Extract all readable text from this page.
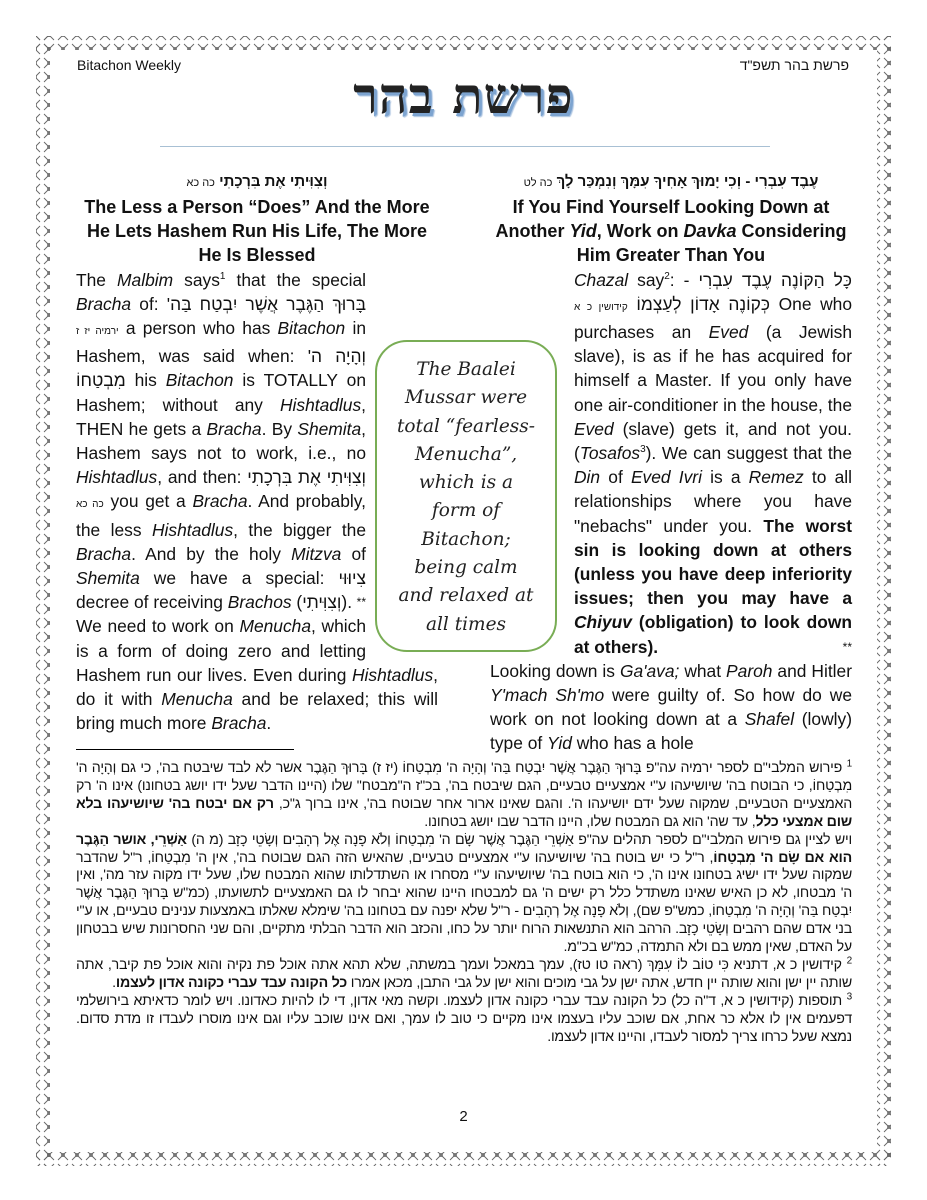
Bitachon Weekly	פרשת בהר תשפ"ד
פרשת בהר
עֶבֶד עִבְרִי - וְכִי יָמוּךְ אָחִיךָ עִמָּךְ וְנִמְכַּר לָךְ כה לט
If You Find Yourself Looking Down at Another Yid, Work on Davka Considering Him Greater Than You
Chazal say$^2$: כָּל הַקּוֹנֶה עֶבֶד עִבְרִי - כְּקוֹנֶה אָדוֹן לְעַצְמוֹ קידושין כ א	One who purchases an Eved (a Jewish slave), is as if he has acquired for himself a Master. If you only have one air-conditioner in the house, the Eved (slave) gets it, and not you. (Tosafos$^3$). We can suggest that the Din of Eved Ivri is a Remez to all relationships where you have "nebachs" under you. The worst sin is looking down at others (unless you have deep inferiority issues; then you may have a Chiyuv (obligation) to look down at others).	**

Looking down is Ga'ava; what Paroh and Hitler Y'mach Sh'mo were guilty of. So how do we work on not looking down at a Shafel (lowly) type of Yid who has a hole
וְצִוִּיתִי אֶת בִּרְכָתִי כה כא
The Less a Person “Does” And the More He Lets Hashem Run His Life, The More He Is Blessed
The Malbim says$^1$ that the special Bracha of: בָּרוּךְ הַגֶּבֶר אֲשֶׁר יִבְטַח בַּה' ירמיה יז ז a person who has Bitachon in Hashem, was said when: וְהָיָה ה' מִבְטַחוֹ his Bitachon is TOTALLY on Hashem; without any Hishtadlus, THEN he gets a Bracha. By Shemita, Hashem says not to work, i.e., no Hishtadlus, and then: וְצִוִּיתִי אֶת בִּרְכָתִי כה כא you get a Bracha. And probably, the less Hishtadlus, the bigger the Bracha. And by the holy Mitzva of Shemita we have a special: צִיוּוּי decree of receiving Brachos (וְצִוִּיתִי). **

We need to work on Menucha, which is a form of doing zero and letting Hashem run our lives. Even during Hishtadlus, do it with Menucha and be relaxed; this will bring much more Bracha.
The Baalei
Mussar were
total “fearless-
Menucha”,
which is a
form of
Bitachon;
being calm
and relaxed at
all times

$^1$ פירוש המלבי"ם לספר ירמיה עה"פ בָּרוּךְ הַגֶּבֶר אֲשֶׁר יִבְטַח בַּה' וְהָיָה ה' מִבְטַחוֹ (יז ז) בָּרוּךְ הַגֶּבֶר אשר לא לבד שיבטח בה', כי גם וְהָיָה ה' מִבְטַחוֹ, כי הבוטח בה' שיושיעהו ע"י אמצעיים טבעיים, הגם שיבטח בה', בכ"ז ה"מבטח" שלו (היינו הדבר שעל ידו יושג בטחונו) אינו ה' רק האמצעיים הטבעיים, שמקוה שעל ידם יושיעהו ה'. והגם שאינו ארור אחר שבוטח בה', אינו ברוך ג"כ, רק אם יבטח בה' שיושיעהו בלא שום אמצעי כלל, עד שה' הוא גם המבטח שלו, היינו הדבר שבו יושג בטחונו.

ויש לציין גם פירוש המלבי"ם לספר תהלים עה"פ אַשְׁרֵי הַגֶּבֶר אֲשֶׁר שָׂם ה' מִבְטַחוֹ וְלֹא פָנָה אֶל רְהָבִים וְשָׂטֵי כָזָב (מ ה) אַשְׁרֵי, אושר הַגֶּבֶר הוא אם שָׂם ה' מִבְטַחוֹ, ר"ל כי יש בוטח בה' שיושיעהו ע"י אמצעיים טבעיים, שהאיש הזה הגם שבוטח בה', אין ה' מִבְטַחוֹ, ר"ל שהדבר שמקוה שעל ידו ישיג בטחונו אינו ה', כי הוא בוטח בה' שיושיעהו ע"י מסחרו או השתדלותו שהוא המבטח שלו, שעל ידו מקוה עזר מה', ואין ה' מבטחו, לא כן האיש שאינו משתדל כלל רק ישים ה' גם למבטחו היינו שהוא יבחר לו גם האמצעיים לתשועתו, (כמ"ש בָּרוּךְ הַגֶּבֶר אֲשֶׁר יִבְטַח בַּה' וְהָיָה ה' מִבְטַחוֹ, כמש"פ שם), וְלֹא פָנָה אֶל רְהָבִים - ר"ל שלא יפנה עם בטחונו בה' שימלא שאלתו באמצעות ענינים טבעיים, או ע"י בני אדם שהם רהבים וְשָׂטֵי כָזָב. הרהב הוא התנשאות הרוח יותר על כחו, והכזב הוא הדבר הבלתי מתקיים, והם שני החסרונות שיש בבטחון על האדם, שאין ממש בם ולא התמדה, כמ"ש בכ"מ.

$^2$ קידושין כ א, דתניא כִּי טוֹב לוֹ עִמָּךְ (ראה טו טז), עמך במאכל ועמך במשתה, שלא תהא אתה אוכל פת נקיה והוא אוכל פת קיבר, אתה שותה יין ישן והוא שותה יין חדש, אתה ישן על גבי מוכים והוא ישן על גבי התבן, מכאן אמרו כל הקונה עבד עברי כקונה אדון לעצמו.

$^3$ תוספות (קידושין כ א, ד"ה כל) כל הקונה עבד עברי כקונה אדון לעצמו. וקשה מאי אדון, די לו להיות כאדונו. ויש לומר כדאיתא בירושלמי דפעמים אין לו אלא כר אחת, אם שוכב עליו בעצמו אינו מקיים כי טוב לו עמך, ואם אינו שוכב עליו וגם אינו מוסרו לעבדו זו מדת סדום. נמצא שעל כרחו צריך למסור לעבדו, והיינו אדון לעצמו.

2
